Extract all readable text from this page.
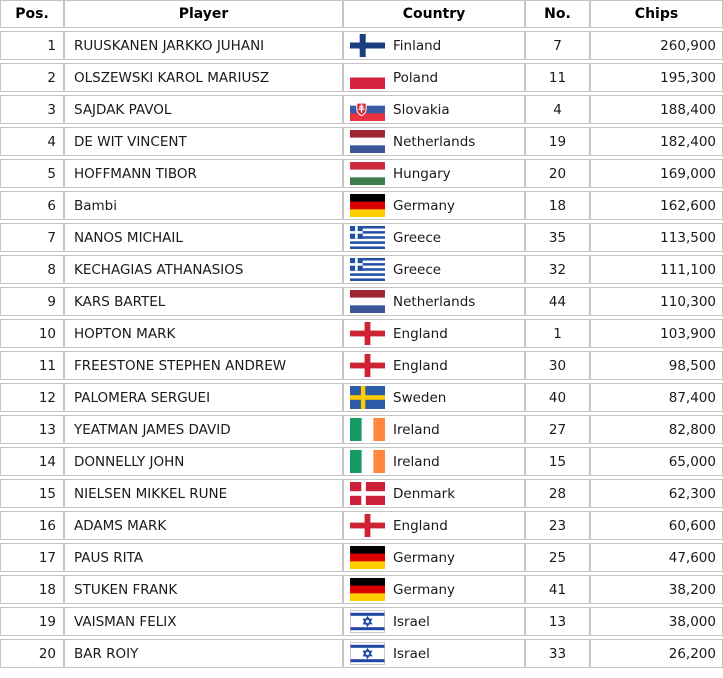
Pos.	Player	Country	No.	Chips
1	RUUSKANEN JARKKO JUHANI	Finland	7	260,900
2	OLSZEWSKI KAROL MARIUSZ	Poland	11	195,300
3	SAJDAK PAVOL	Slovakia	4	188,400
4	DE WIT VINCENT	Netherlands	19	182,400
5	HOFFMANN TIBOR	Hungary	20	169,000
6	Bambi	Germany	18	162,600
7	NANOS MICHAIL	Greece	35	113,500
8	KECHAGIAS ATHANASIOS	Greece	32	111,100
9	KARS BARTEL	Netherlands	44	110,300
10	HOPTON MARK	England	1	103,900
11	FREESTONE STEPHEN ANDREW	England	30	98,500
12	PALOMERA SERGUEI	Sweden	40	87,400
13	YEATMAN JAMES DAVID	Ireland	27	82,800
14	DONNELLY JOHN	Ireland	15	65,000
15	NIELSEN MIKKEL RUNE	Denmark	28	62,300
16	ADAMS MARK	England	23	60,600
17	PAUS RITA	Germany	25	47,600
18	STUKEN FRANK	Germany	41	38,200
19	VAISMAN FELIX	Israel	13	38,000
20	BAR ROIY	Israel	33	26,200
